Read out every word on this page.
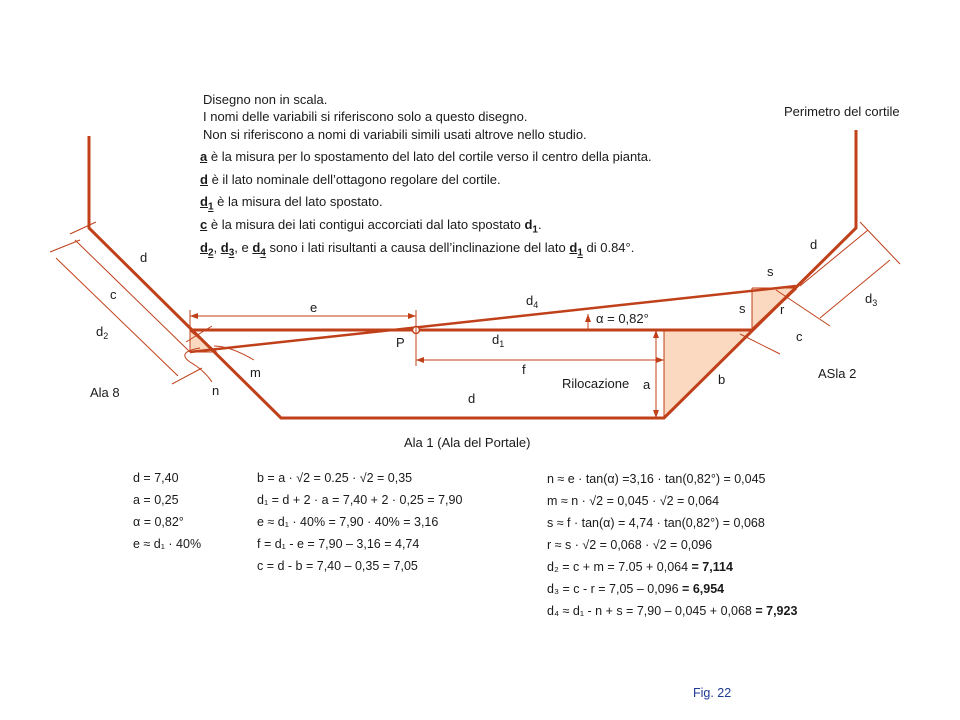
Disegno non in scala.
I nomi delle variabili si riferiscono solo a questo disegno.
Non si riferiscono a nomi di variabili simili usati altrove nello studio.
a è la misura per lo spostamento del lato del cortile verso il centro della pianta.
d è il lato nominale dell’ottagono regolare del cortile.
$d_1$ è la misura del lato spostato.
c è la misura dei lati contigui accorciati dal lato spostato $d_1$.
$d_2$, $d_3$, e $d_4$ sono i lati risultanti a causa dell’inclinazione del lato $d_1$ di 0.84°.
Perimetro del cortile
d
c
$d_2$
Ala 8
e
m
n
P
$d_4$
α = 0,82°
$d_1$
f
Rilocazione a
d
b
d
s
s	r
$d_3$
c
ASla 2
Ala 1 (Ala del Portale)
d = 7,40
a = 0,25
α = 0,82°
e ≈ d₁ · 40%
b = a · √2 = 0.25 · √2 = 0,35
d₁ = d + 2 · a = 7,40 + 2 · 0,25 = 7,90
e ≈ d₁ · 40% = 7,90 · 40% = 3,16
f = d₁ - e = 7,90 – 3,16 = 4,74
c = d - b = 7,40 – 0,35 = 7,05
n ≈ e · tan(α) =3,16 · tan(0,82°) = 0,045
m ≈ n · √2 = 0,045 · √2 = 0,064
s ≈ f · tan(α) = 4,74 · tan(0,82°) = 0,068
r ≈ s · √2 = 0,068 · √2 = 0,096
d₂ = c + m = 7.05 + 0,064 = 7,114
d₃ = c - r = 7,05 – 0,096 = 6,954
d₄ ≈ d₁ - n + s = 7,90 – 0,045 + 0,068 = 7,923
Fig. 22
